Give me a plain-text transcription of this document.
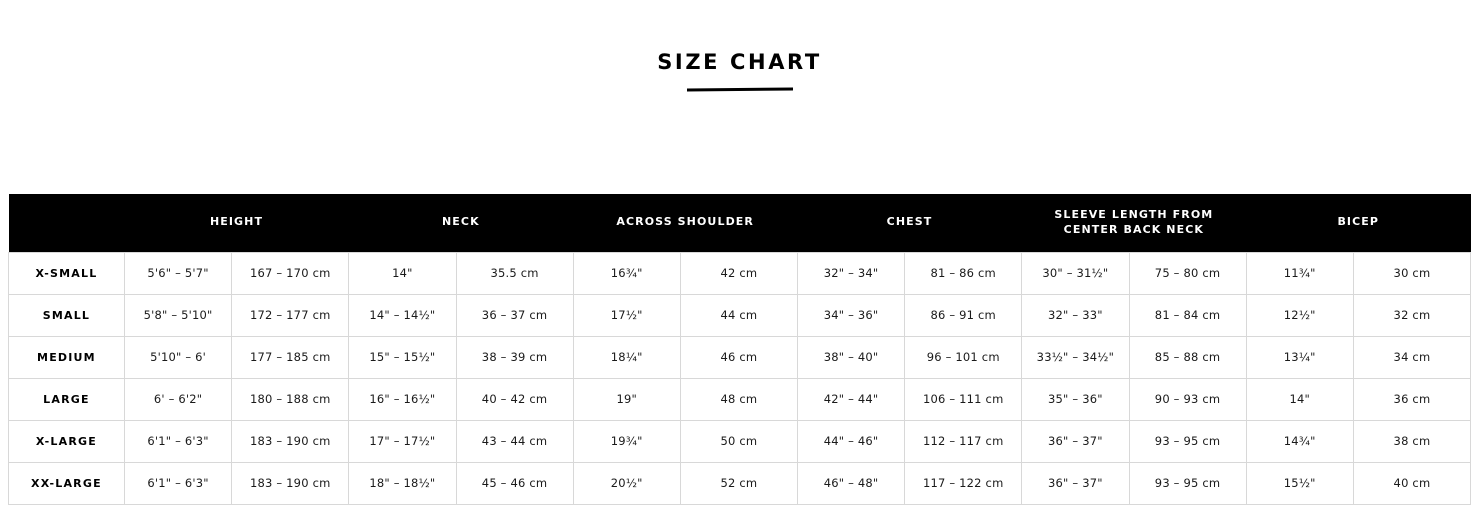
SIZE CHART
	HEIGHT		NECK		ACROSS SHOULDER		CHEST		SLEEVE LENGTH FROM CENTER BACK NECK		BICEP	
X-SMALL	5'6" – 5'7"	167 – 170 cm	14"	35.5 cm	16¾"	42 cm	32" – 34"	81 – 86 cm	30" – 31½"	75 – 80 cm	11¾"	30 cm
SMALL	5'8" – 5'10"	172 – 177 cm	14" – 14½"	36 – 37 cm	17½"	44 cm	34" – 36"	86 – 91 cm	32" – 33"	81 – 84 cm	12½"	32 cm
MEDIUM	5'10" – 6'	177 – 185 cm	15" – 15½"	38 – 39 cm	18¼"	46 cm	38" – 40"	96 – 101 cm	33½" – 34½"	85 – 88 cm	13¼"	34 cm
LARGE	6' – 6'2"	180 – 188 cm	16" – 16½"	40 – 42 cm	19"	48 cm	42" – 44"	106 – 111 cm	35" – 36"	90 – 93 cm	14"	36 cm
X-LARGE	6'1" – 6'3"	183 – 190 cm	17" – 17½"	43 – 44 cm	19¾"	50 cm	44" – 46"	112 – 117 cm	36" – 37"	93 – 95 cm	14¾"	38 cm
XX-LARGE	6'1" – 6'3"	183 – 190 cm	18" – 18½"	45 – 46 cm	20½"	52 cm	46" – 48"	117 – 122 cm	36" – 37"	93 – 95 cm	15½"	40 cm
